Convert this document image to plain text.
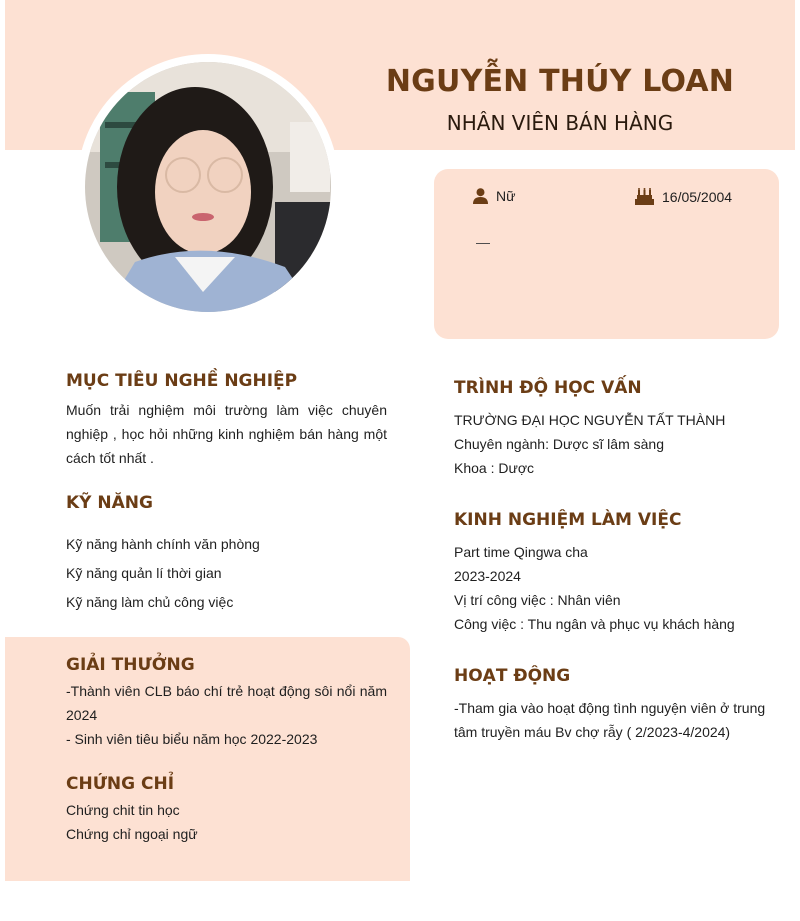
NGUYỄN THÚY LOAN
NHÂN VIÊN BÁN HÀNG
Nữ	16/05/2004
—
MỤC TIÊU NGHỀ NGHIỆP
Muốn trải nghiệm môi trường làm việc chuyên nghiệp , học hỏi những kinh nghiệm bán hàng một cách tốt nhất .
KỸ NĂNG
Kỹ năng hành chính văn phòng
Kỹ năng quản lí thời gian
Kỹ năng làm chủ công việc
GIẢI THƯỞNG
-Thành viên CLB báo chí trẻ hoạt động sôi nổi năm 2024
- Sinh viên tiêu biểu năm học 2022-2023
CHỨNG CHỈ
Chứng chit tin học
Chứng chỉ ngoại ngữ
TRÌNH ĐỘ HỌC VẤN
TRƯỜNG ĐẠI HỌC NGUYỄN TẤT THÀNH
Chuyên ngành: Dược sĩ lâm sàng
Khoa : Dược
KINH NGHIỆM LÀM VIỆC
Part time Qingwa cha
2023-2024
Vị trí công việc : Nhân viên
Công việc : Thu ngân và phục vụ khách hàng
HOẠT ĐỘNG
-Tham gia vào hoạt động tình nguyện viên ở trung tâm truyền máu Bv chợ rẫy ( 2/2023-4/2024)
